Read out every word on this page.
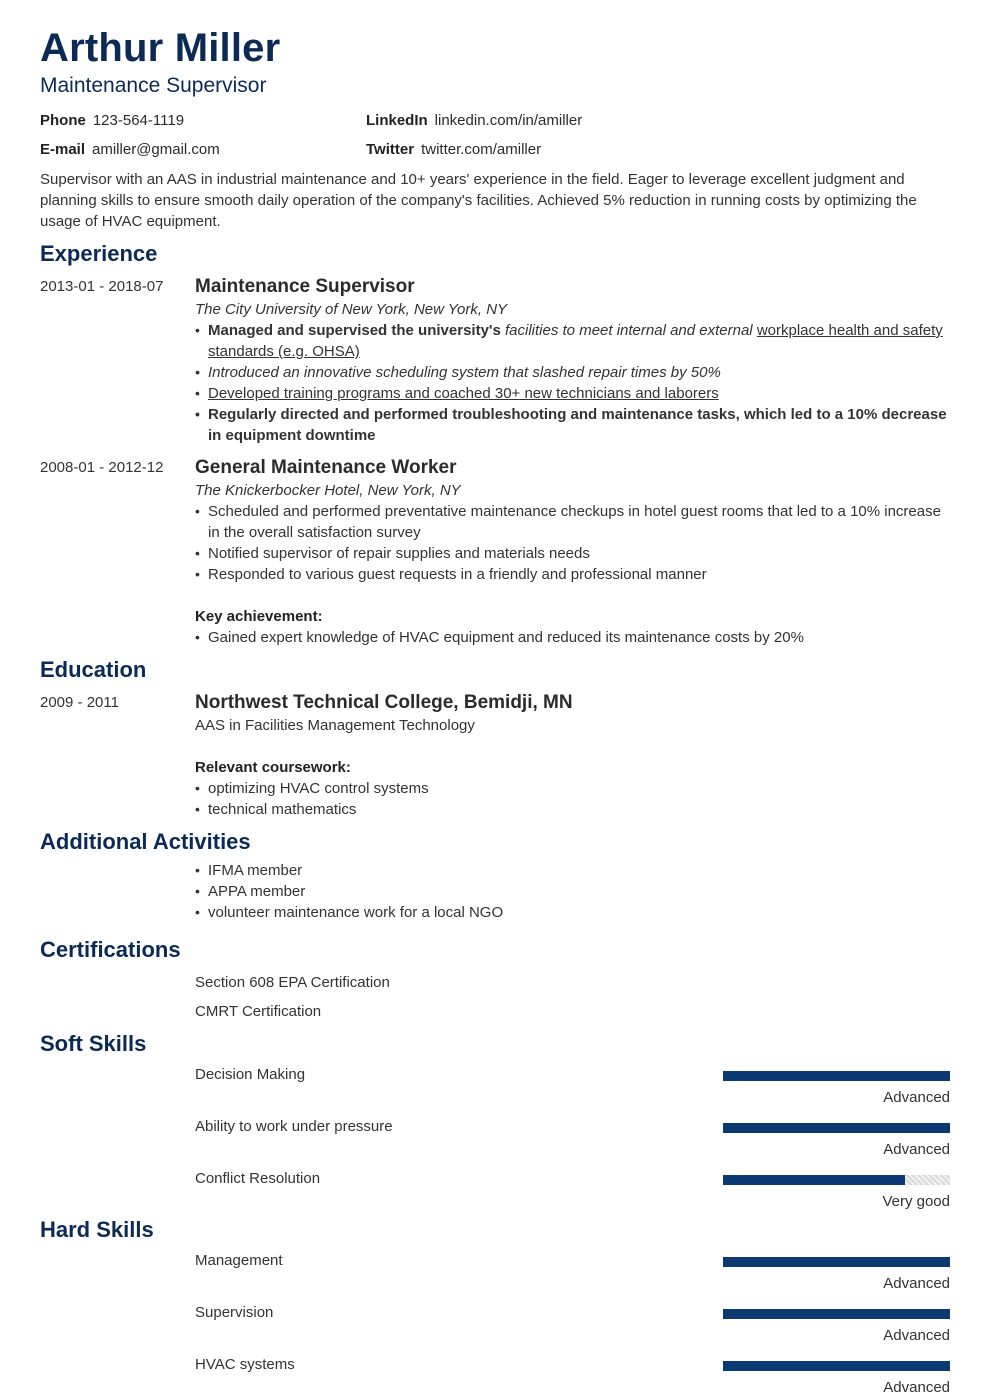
Arthur Miller
Maintenance Supervisor
Phone 123-564-1119	LinkedIn linkedin.com/in/amiller
E-mail amiller@gmail.com	Twitter twitter.com/amiller

Supervisor with an AAS in industrial maintenance and 10+ years' experience in the field. Eager to leverage excellent judgment and planning skills to ensure smooth daily operation of the company's facilities. Achieved 5% reduction in running costs by optimizing the usage of HVAC equipment.

Experience
2013-01 - 2018-07	Maintenance Supervisor
The City University of New York, New York, NY
• Managed and supervised the university's facilities to meet internal and external workplace health and safety standards (e.g. OHSA)
• Introduced an innovative scheduling system that slashed repair times by 50%
• Developed training programs and coached 30+ new technicians and laborers
• Regularly directed and performed troubleshooting and maintenance tasks, which led to a 10% decrease in equipment downtime
2008-01 - 2012-12	General Maintenance Worker
The Knickerbocker Hotel, New York, NY
• Scheduled and performed preventative maintenance checkups in hotel guest rooms that led to a 10% increase in the overall satisfaction survey
• Notified supervisor of repair supplies and materials needs
• Responded to various guest requests in a friendly and professional manner
Key achievement:
• Gained expert knowledge of HVAC equipment and reduced its maintenance costs by 20%
Education
2009 - 2011	Northwest Technical College, Bemidji, MN
AAS in Facilities Management Technology
Relevant coursework:
• optimizing HVAC control systems
• technical mathematics
Additional Activities
• IFMA member
• APPA member
• volunteer maintenance work for a local NGO
Certifications
Section 608 EPA Certification
CMRT Certification
Soft Skills
Decision Making
Advanced
Ability to work under pressure
Advanced
Conflict Resolution
Very good
Hard Skills
Management
Advanced
Supervision
Advanced
HVAC systems
Advanced
